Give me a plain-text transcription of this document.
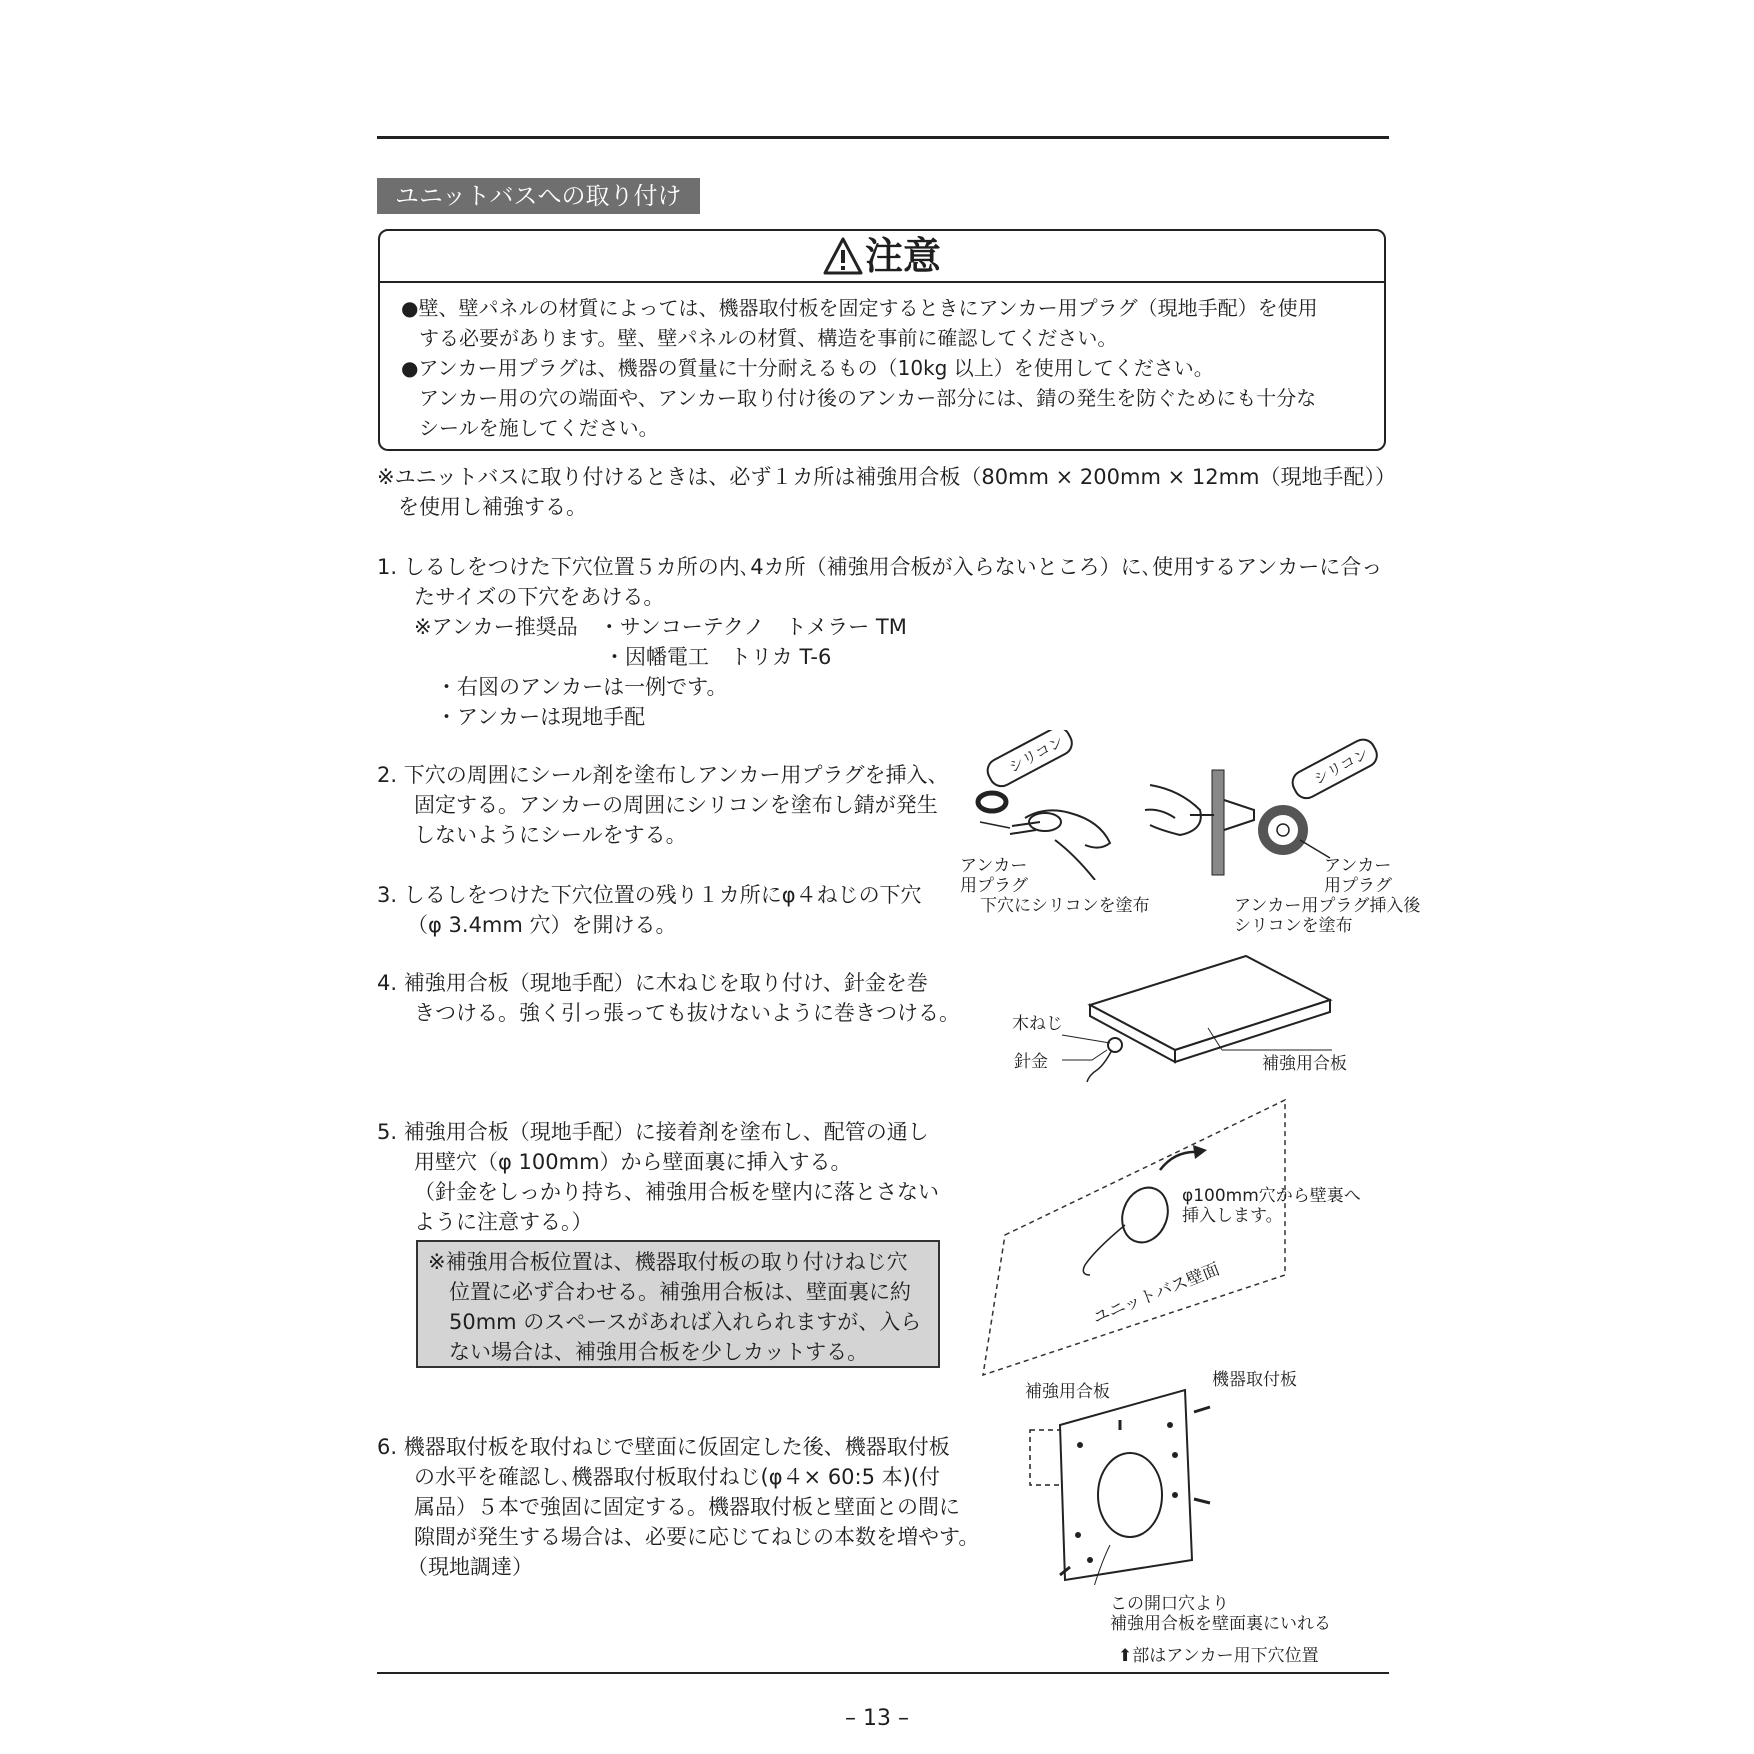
ユニットバスへの取り付け
注意
●壁、壁パネルの材質によっては、機器取付板を固定するときにアンカー用プラグ（現地手配）を使用
する必要があります。壁、壁パネルの材質、構造を事前に確認してください。
●アンカー用プラグは、機器の質量に十分耐えるもの（10kg 以上）を使用してください。
アンカー用の穴の端面や、アンカー取り付け後のアンカー部分には、錆の発生を防ぐためにも十分な
シールを施してください。
※ユニットバスに取り付けるときは、必ず１カ所は補強用合板（80mm × 200mm × 12mm（現地手配））
を使用し補強する。
1. しるしをつけた下穴位置５カ所の内､4カ所（補強用合板が入らないところ）に､使用するアンカーに合っ
たサイズの下穴をあける。
※アンカー推奨品　・サンコーテクノ　トメラー TM
・因幡電工　トリカ T-6
・右図のアンカーは一例です。
・アンカーは現地手配
2. 下穴の周囲にシール剤を塗布しアンカー用プラグを挿入、
固定する。アンカーの周囲にシリコンを塗布し錆が発生
しないようにシールをする。
3. しるしをつけた下穴位置の残り１カ所にφ４ねじの下穴
（φ 3.4mm 穴）を開ける。
4. 補強用合板（現地手配）に木ねじを取り付け、針金を巻
きつける。強く引っ張っても抜けないように巻きつける。
5. 補強用合板（現地手配）に接着剤を塗布し、配管の通し
用壁穴（φ 100mm）から壁面裏に挿入する。
（針金をしっかり持ち、補強用合板を壁内に落とさない
ように注意する。）
※補強用合板位置は、機器取付板の取り付けねじ穴
位置に必ず合わせる。補強用合板は、壁面裏に約
50mm のスペースがあれば入れられますが、入ら
ない場合は、補強用合板を少しカットする。
6. 機器取付板を取付ねじで壁面に仮固定した後、機器取付板
の水平を確認し､機器取付板取付ねじ(φ４× 60:5 本)(付
属品）５本で強固に固定する。機器取付板と壁面との間に
隙間が発生する場合は、必要に応じてねじの本数を増やす。
（現地調達）
シリコン	シリコン
アンカー
用プラグ
下穴にシリコンを塗布
アンカー
用プラグ
アンカー用プラグ挿入後
シリコンを塗布
木ねじ
針金	補強用合板
φ100mm穴から壁裏へ
挿入します。
ユニットバス壁面
補強用合板
機器取付板
この開口穴より
補強用合板を壁面裏にいれる
⬆部はアンカー用下穴位置
– 13 –
